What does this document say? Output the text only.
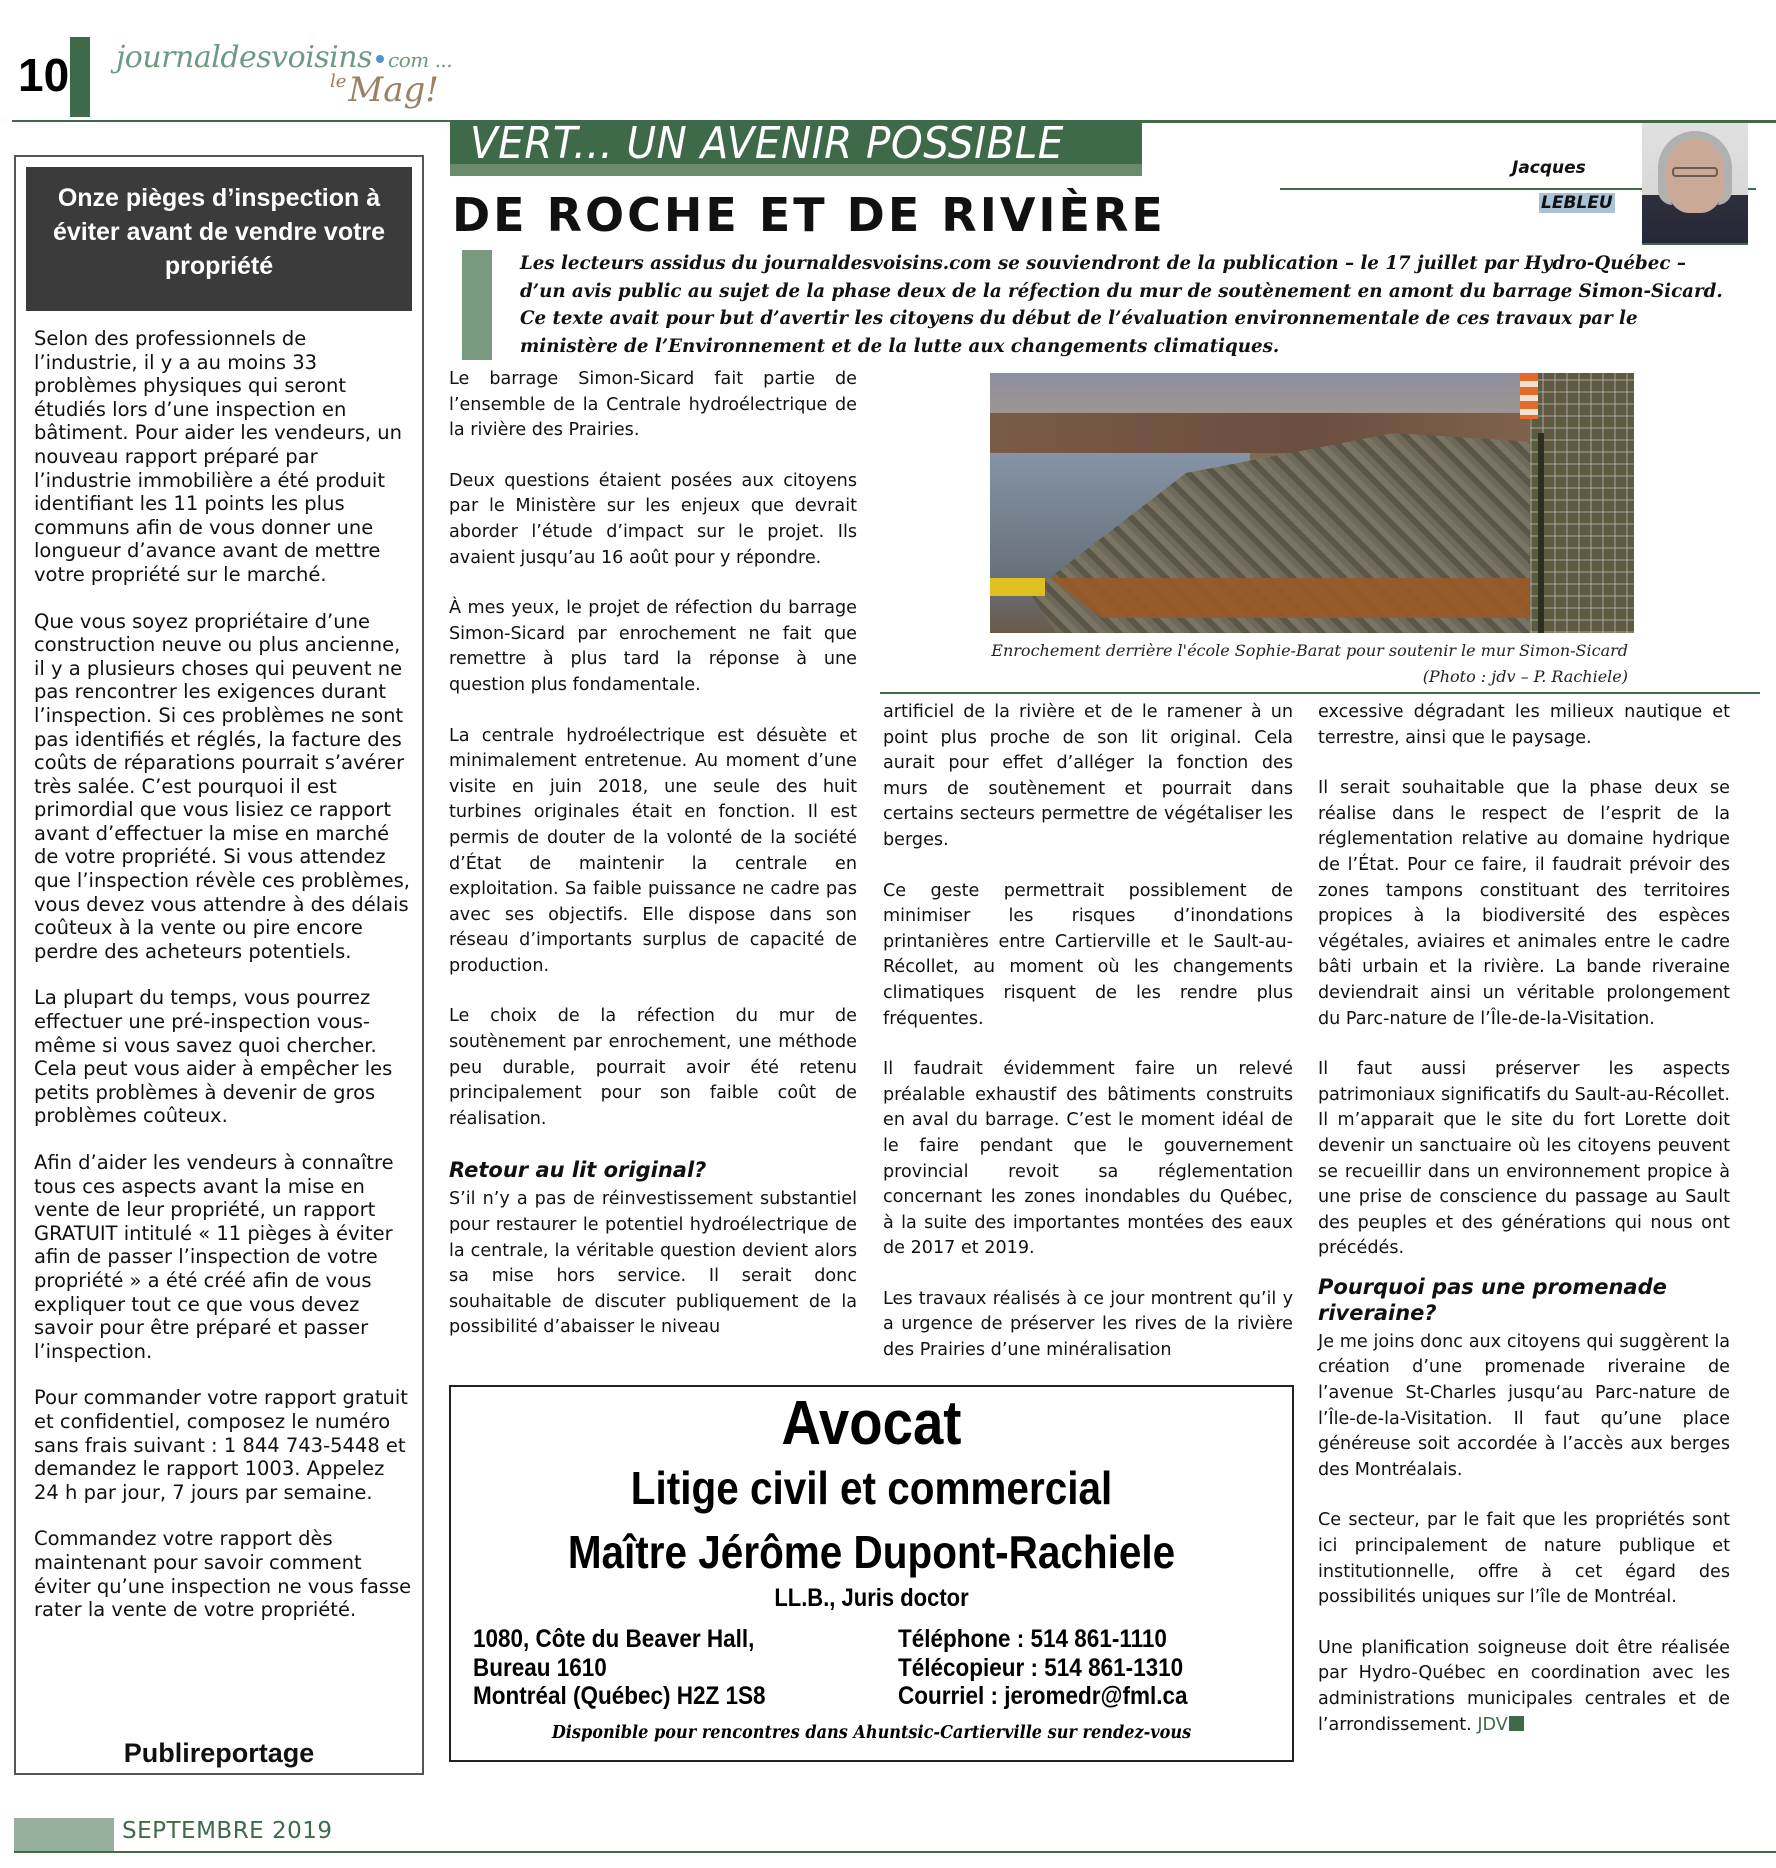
10 journaldesvoisins com ...
$^{le}$Mag!
Onze pièges d’inspection à éviter avant de vendre votre propriété

Selon des professionnels de l’industrie, il y a au moins 33 problèmes physiques qui seront étudiés lors d’une inspection en bâtiment. Pour aider les vendeurs, un nouveau rapport préparé par l’industrie immobilière a été produit identifiant les 11 points les plus communs afin de vous donner une longueur d’avance avant de mettre votre propriété sur le marché.

Que vous soyez propriétaire d’une construction neuve ou plus ancienne, il y a plusieurs choses qui peuvent ne pas rencontrer les exigences durant l’inspection. Si ces problèmes ne sont pas identifiés et réglés, la facture des coûts de réparations pourrait s’avérer très salée. C’est pourquoi il est primordial que vous lisiez ce rapport avant d’effectuer la mise en marché de votre propriété. Si vous attendez que l’inspection révèle ces problèmes, vous devez vous attendre à des délais coûteux à la vente ou pire encore perdre des acheteurs potentiels.

La plupart du temps, vous pourrez effectuer une pré-inspection vous-même si vous savez quoi chercher. Cela peut vous aider à empêcher les petits problèmes à devenir de gros problèmes coûteux.

Afin d’aider les vendeurs à connaître tous ces aspects avant la mise en vente de leur propriété, un rapport GRATUIT intitulé « 11 pièges à éviter afin de passer l’inspection de votre propriété » a été créé afin de vous expliquer tout ce que vous devez savoir pour être préparé et passer l’inspection.

Pour commander votre rapport gratuit et confidentiel, composez le numéro sans frais suivant : 1 844 743-5448 et demandez le rapport 1003. Appelez 24 h par jour, 7 jours par semaine.

Commandez votre rapport dès maintenant pour savoir comment éviter qu’une inspection ne vous fasse rater la vente de votre propriété.

Publireportage
VERT... UN AVENIR POSSIBLE
DE ROCHE ET DE RIVIÈRE
Jacques
LEBLEU
Les lecteurs assidus du journaldesvoisins.com se souviendront de la publication – le 17 juillet par Hydro-Québec – d’un avis public au sujet de la phase deux de la réfection du mur de soutènement en amont du barrage Simon-Sicard. Ce texte avait pour but d’avertir les citoyens du début de l’évaluation environnementale de ces travaux par le ministère de l’Environnement et de la lutte aux changements climatiques.

Le barrage Simon-Sicard fait partie de l’ensemble de la Centrale hydroélectrique de la rivière des Prairies.

Deux questions étaient posées aux citoyens par le Ministère sur les enjeux que devrait aborder l’étude d’impact sur le projet. Ils avaient jusqu’au 16 août pour y répondre.

À mes yeux, le projet de réfection du barrage Simon-Sicard par enrochement ne fait que remettre à plus tard la réponse à une question plus fondamentale.

La centrale hydroélectrique est désuète et minimalement entretenue. Au moment d’une visite en juin 2018, une seule des huit turbines originales était en fonction. Il est permis de douter de la volonté de la société d’État de maintenir la centrale en exploitation. Sa faible puissance ne cadre pas avec ses objectifs. Elle dispose dans son réseau d’importants surplus de capacité de production.

Le choix de la réfection du mur de soutènement par enrochement, une méthode peu durable, pourrait avoir été retenu principalement pour son faible coût de réalisation.

Retour au lit original?

S’il n’y a pas de réinvestissement substantiel pour restaurer le potentiel hydroélectrique de la centrale, la véritable question devient alors sa mise hors service. Il serait donc souhaitable de discuter publiquement de la possibilité d’abaisser le niveau

Enrochement derrière l'école Sophie-Barat pour soutenir le mur Simon-Sicard (Photo : jdv – P. Rachiele)

artificiel de la rivière et de le ramener à un point plus proche de son lit original. Cela aurait pour effet d’alléger la fonction des murs de soutènement et pourrait dans certains secteurs permettre de végétaliser les berges.

Ce geste permettrait possiblement de minimiser les risques d’inondations printanières entre Cartierville et le Sault-au-Récollet, au moment où les changements climatiques risquent de les rendre plus fréquentes.

Il faudrait évidemment faire un relevé préalable exhaustif des bâtiments construits en aval du barrage. C’est le moment idéal de le faire pendant que le gouvernement provincial revoit sa réglementation concernant les zones inondables du Québec, à la suite des importantes montées des eaux de 2017 et 2019.

Les travaux réalisés à ce jour montrent qu’il y a urgence de préserver les rives de la rivière des Prairies d’une minéralisation

excessive dégradant les milieux nautique et terrestre, ainsi que le paysage.

Il serait souhaitable que la phase deux se réalise dans le respect de l’esprit de la réglementation relative au domaine hydrique de l’État. Pour ce faire, il faudrait prévoir des zones tampons constituant des territoires propices à la biodiversité des espèces végétales, aviaires et animales entre le cadre bâti urbain et la rivière. La bande riveraine deviendrait ainsi un véritable prolongement du Parc-nature de l’Île-de-la-Visitation.

Il faut aussi préserver les aspects patrimoniaux significatifs du Sault-au-Récollet. Il m’apparait que le site du fort Lorette doit devenir un sanctuaire où les citoyens peuvent se recueillir dans un environnement propice à une prise de conscience du passage au Sault des peuples et des générations qui nous ont précédés.

Pourquoi pas une promenade riveraine?

Je me joins donc aux citoyens qui suggèrent la création d’une promenade riveraine de l’avenue St-Charles jusqu‘au Parc-nature de l’Île-de-la-Visitation. Il faut qu’une place généreuse soit accordée à l’accès aux berges des Montréalais.

Ce secteur, par le fait que les propriétés sont ici principalement de nature publique et institutionnelle, offre à cet égard des possibilités uniques sur l’île de Montréal.

Une planification soigneuse doit être réalisée par Hydro-Québec en coordination avec les administrations municipales centrales et de l’arrondissement. JDV

Avocat
Litige civil et commercial
Maître Jérôme Dupont-Rachiele
LL.B., Juris doctor
1080, Côte du Beaver Hall,
Bureau 1610
Montréal (Québec) H2Z 1S8
Téléphone : 514 861-1110
Télécopieur : 514 861-1310
Courriel : jeromedr@fml.ca
Disponible pour rencontres dans Ahuntsic-Cartierville sur rendez-vous
SEPTEMBRE 2019
